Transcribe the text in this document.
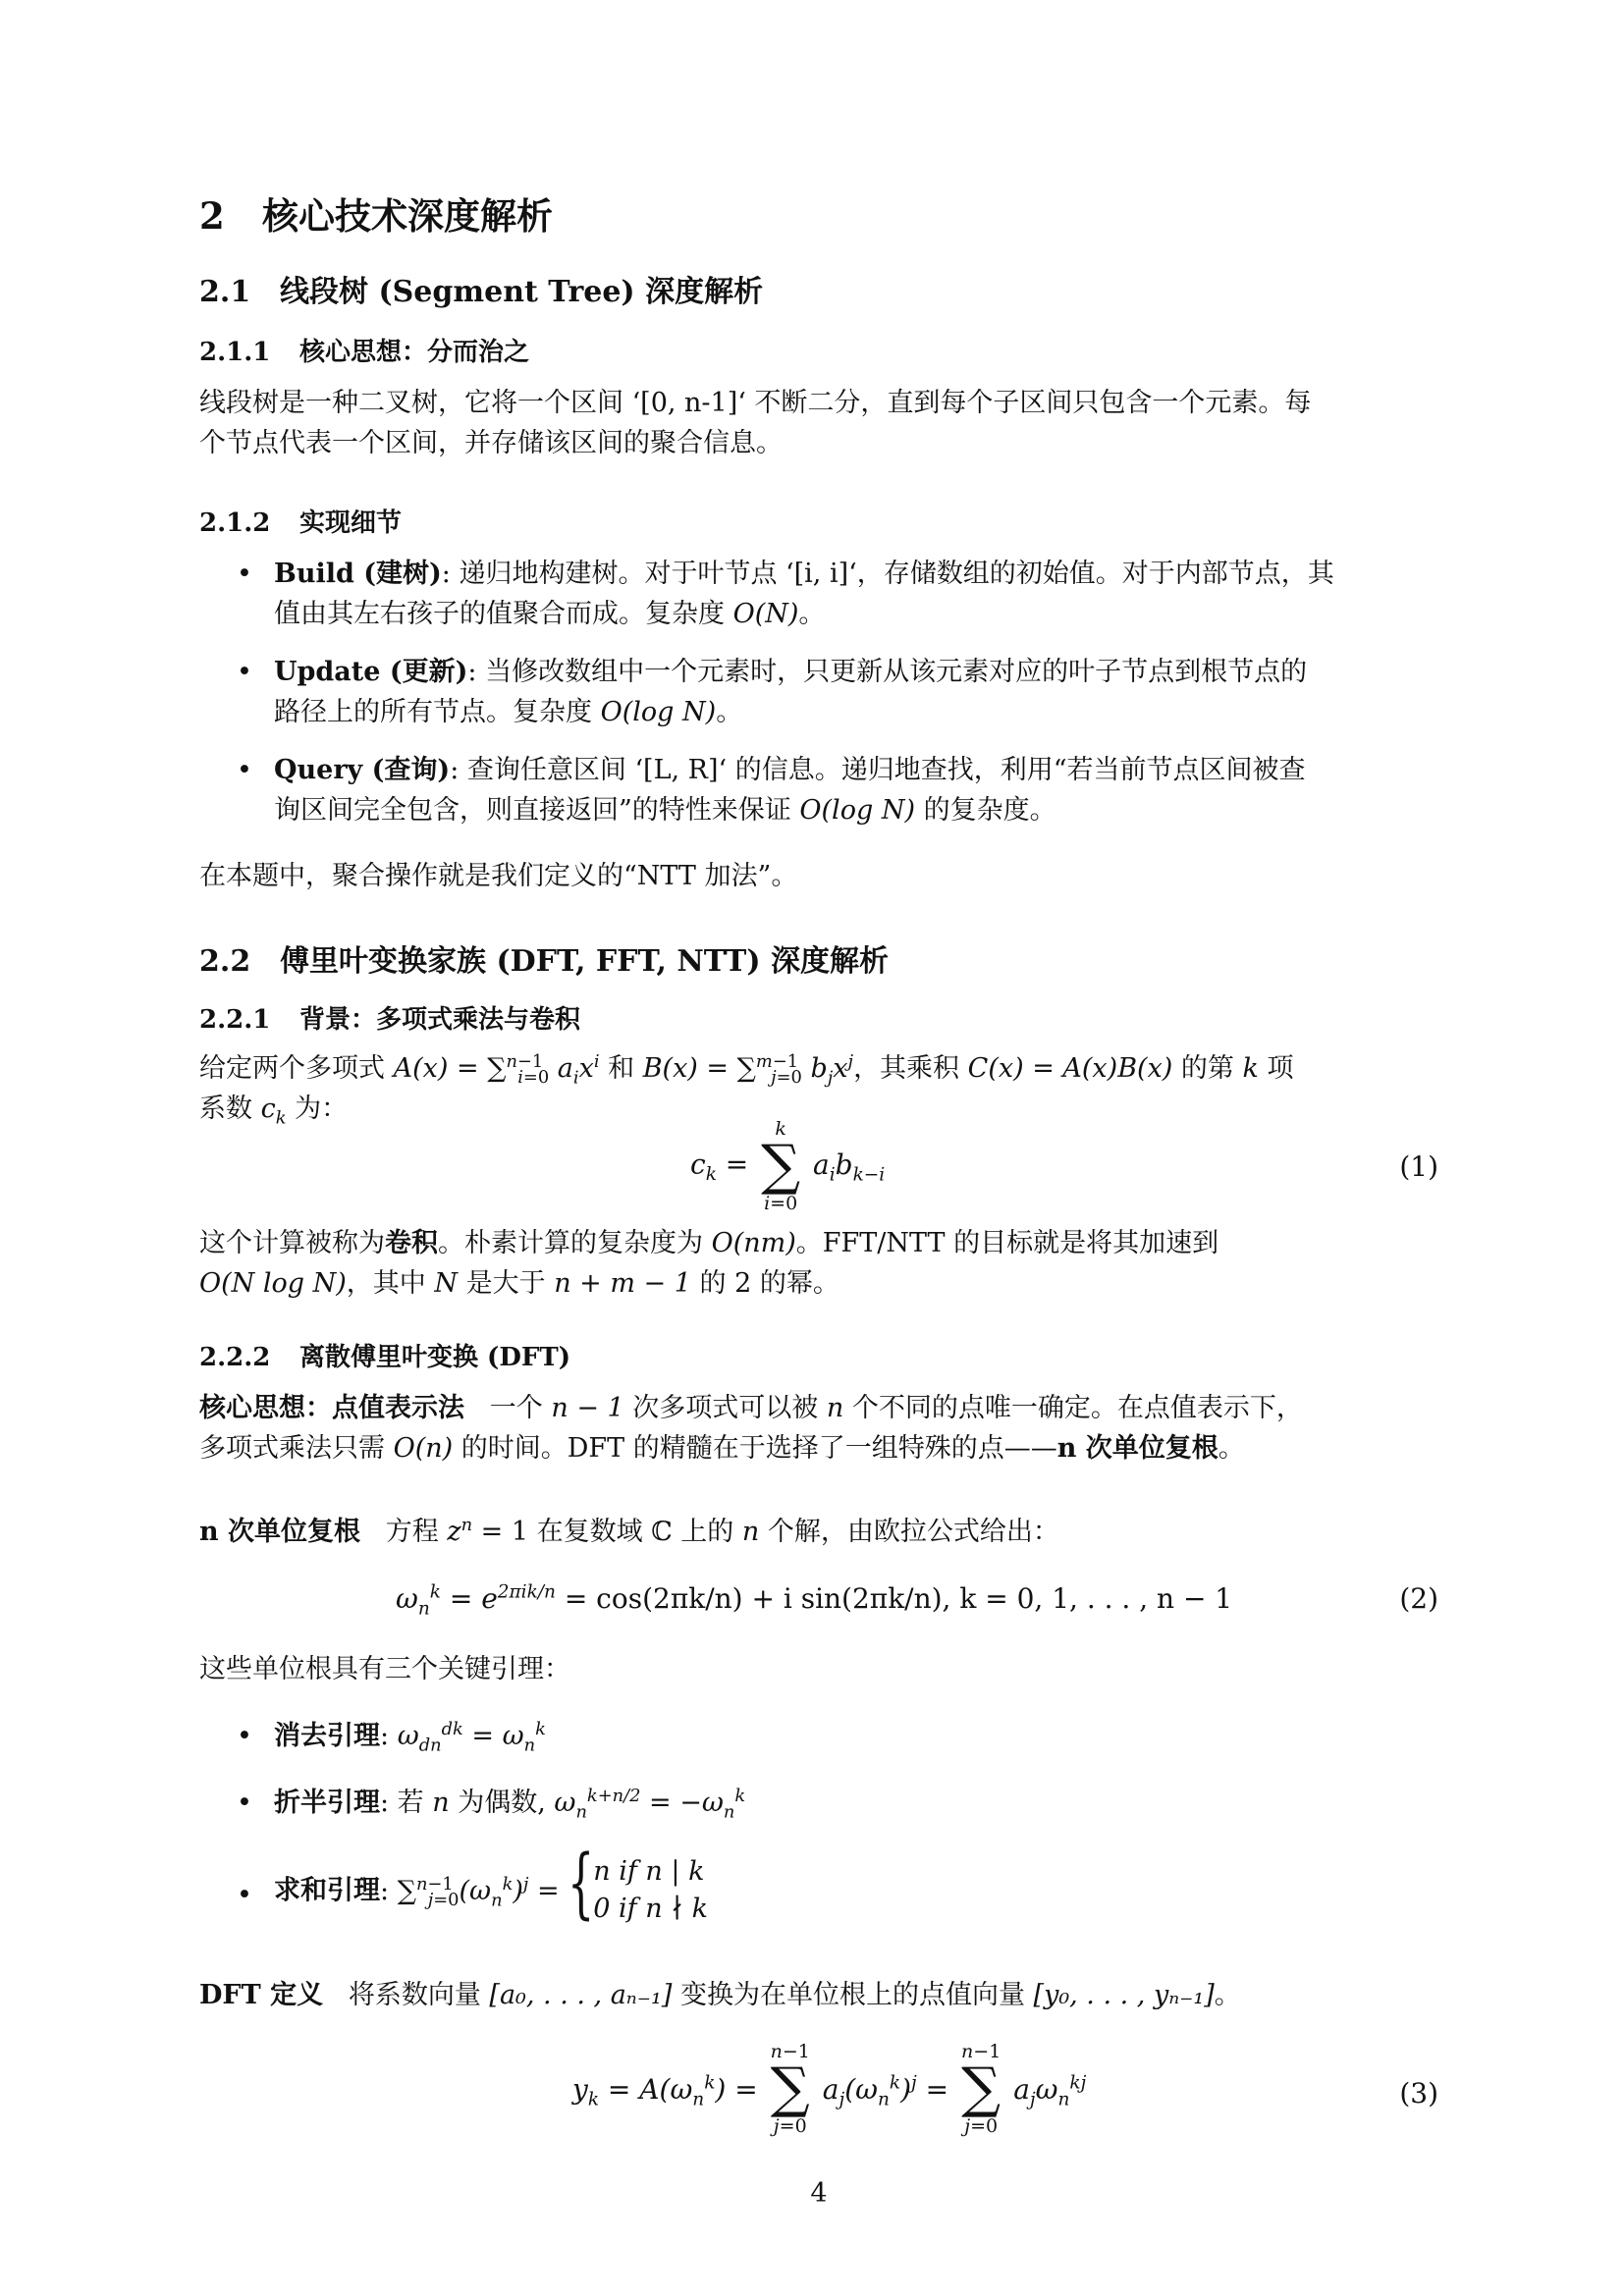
2 核心技术深度解析
2.1 线段树 (Segment Tree) 深度解析
2.1.1 核心思想：分而治之
线段树是一种二叉树，它将一个区间 ‘[0, n-1]‘ 不断二分，直到每个子区间只包含一个元素。每
个节点代表一个区间，并存储该区间的聚合信息。
2.1.2 实现细节
• Build (建树): 递归地构建树。对于叶节点 ‘[i, i]‘，存储数组的初始值。对于内部节点，其
值由其左右孩子的值聚合而成。复杂度 O(N)。
• Update (更新): 当修改数组中一个元素时，只更新从该元素对应的叶子节点到根节点的
路径上的所有节点。复杂度 O(log N)。
• Query (查询): 查询任意区间 ‘[L, R]‘ 的信息。递归地查找，利用“若当前节点区间被查
询区间完全包含，则直接返回”的特性来保证 O(log N) 的复杂度。
在本题中，聚合操作就是我们定义的“NTT 加法”。
2.2 傅里叶变换家族 (DFT, FFT, NTT) 深度解析
2.2.1 背景：多项式乘法与卷积
给定两个多项式 A(x) = ∑$^{n-1}_{i=0}$ $a_ix^i$ 和 B(x) = ∑$^{m-1}_{j=0}$ $b_jx^j$，其乘积 C(x) = A(x)B(x) 的第 k 项
系数 $c_k$ 为：
$c_k$ =
k
∑
i=0
$a_ib_{k-i}$	(1)
这个计算被称为卷积。朴素计算的复杂度为 O(nm)。FFT/NTT 的目标就是将其加速到
O(N log N)，其中 N 是大于 n + m − 1 的 2 的幂。
2.2.2 离散傅里叶变换 (DFT)
核心思想：点值表示法 一个 n − 1 次多项式可以被 n 个不同的点唯一确定。在点值表示下，
多项式乘法只需 O(n) 的时间。DFT 的精髓在于选择了一组特殊的点——n 次单位复根。
n 次单位复根 方程 $z^n = 1$ 在复数域 ℂ 上的 n 个解，由欧拉公式给出：
$\omega_n^k = e^{2\pi ik/n} = \cos(2\pi k/n) + i$ sin(2πk/n), k = 0, 1, . . . , n − 1	(2)
这些单位根具有三个关键引理：
• 消去引理: $\omega_{dn}^{dk} = \omega_n^k$
• 折半引理: 若 n 为偶数, $\omega_n^{k+n/2} = -\omega_n^k$
• 求和引理: $\sum^{n-1}_{j=0}(\omega_n^k)^j$ = {
n if n | k
0 if n ∤ k
DFT 定义 将系数向量 [a₀, . . . , aₙ₋₁] 变换为在单位根上的点值向量 [y₀, . . . , yₙ₋₁]。
$y_k = A(\omega_n^k)$ =
n−1
∑
j=0
$a_j(\omega_n^k)^j$ =
n−1
∑
j=0
$a_j\omega_n^{kj}$	(3)
4
